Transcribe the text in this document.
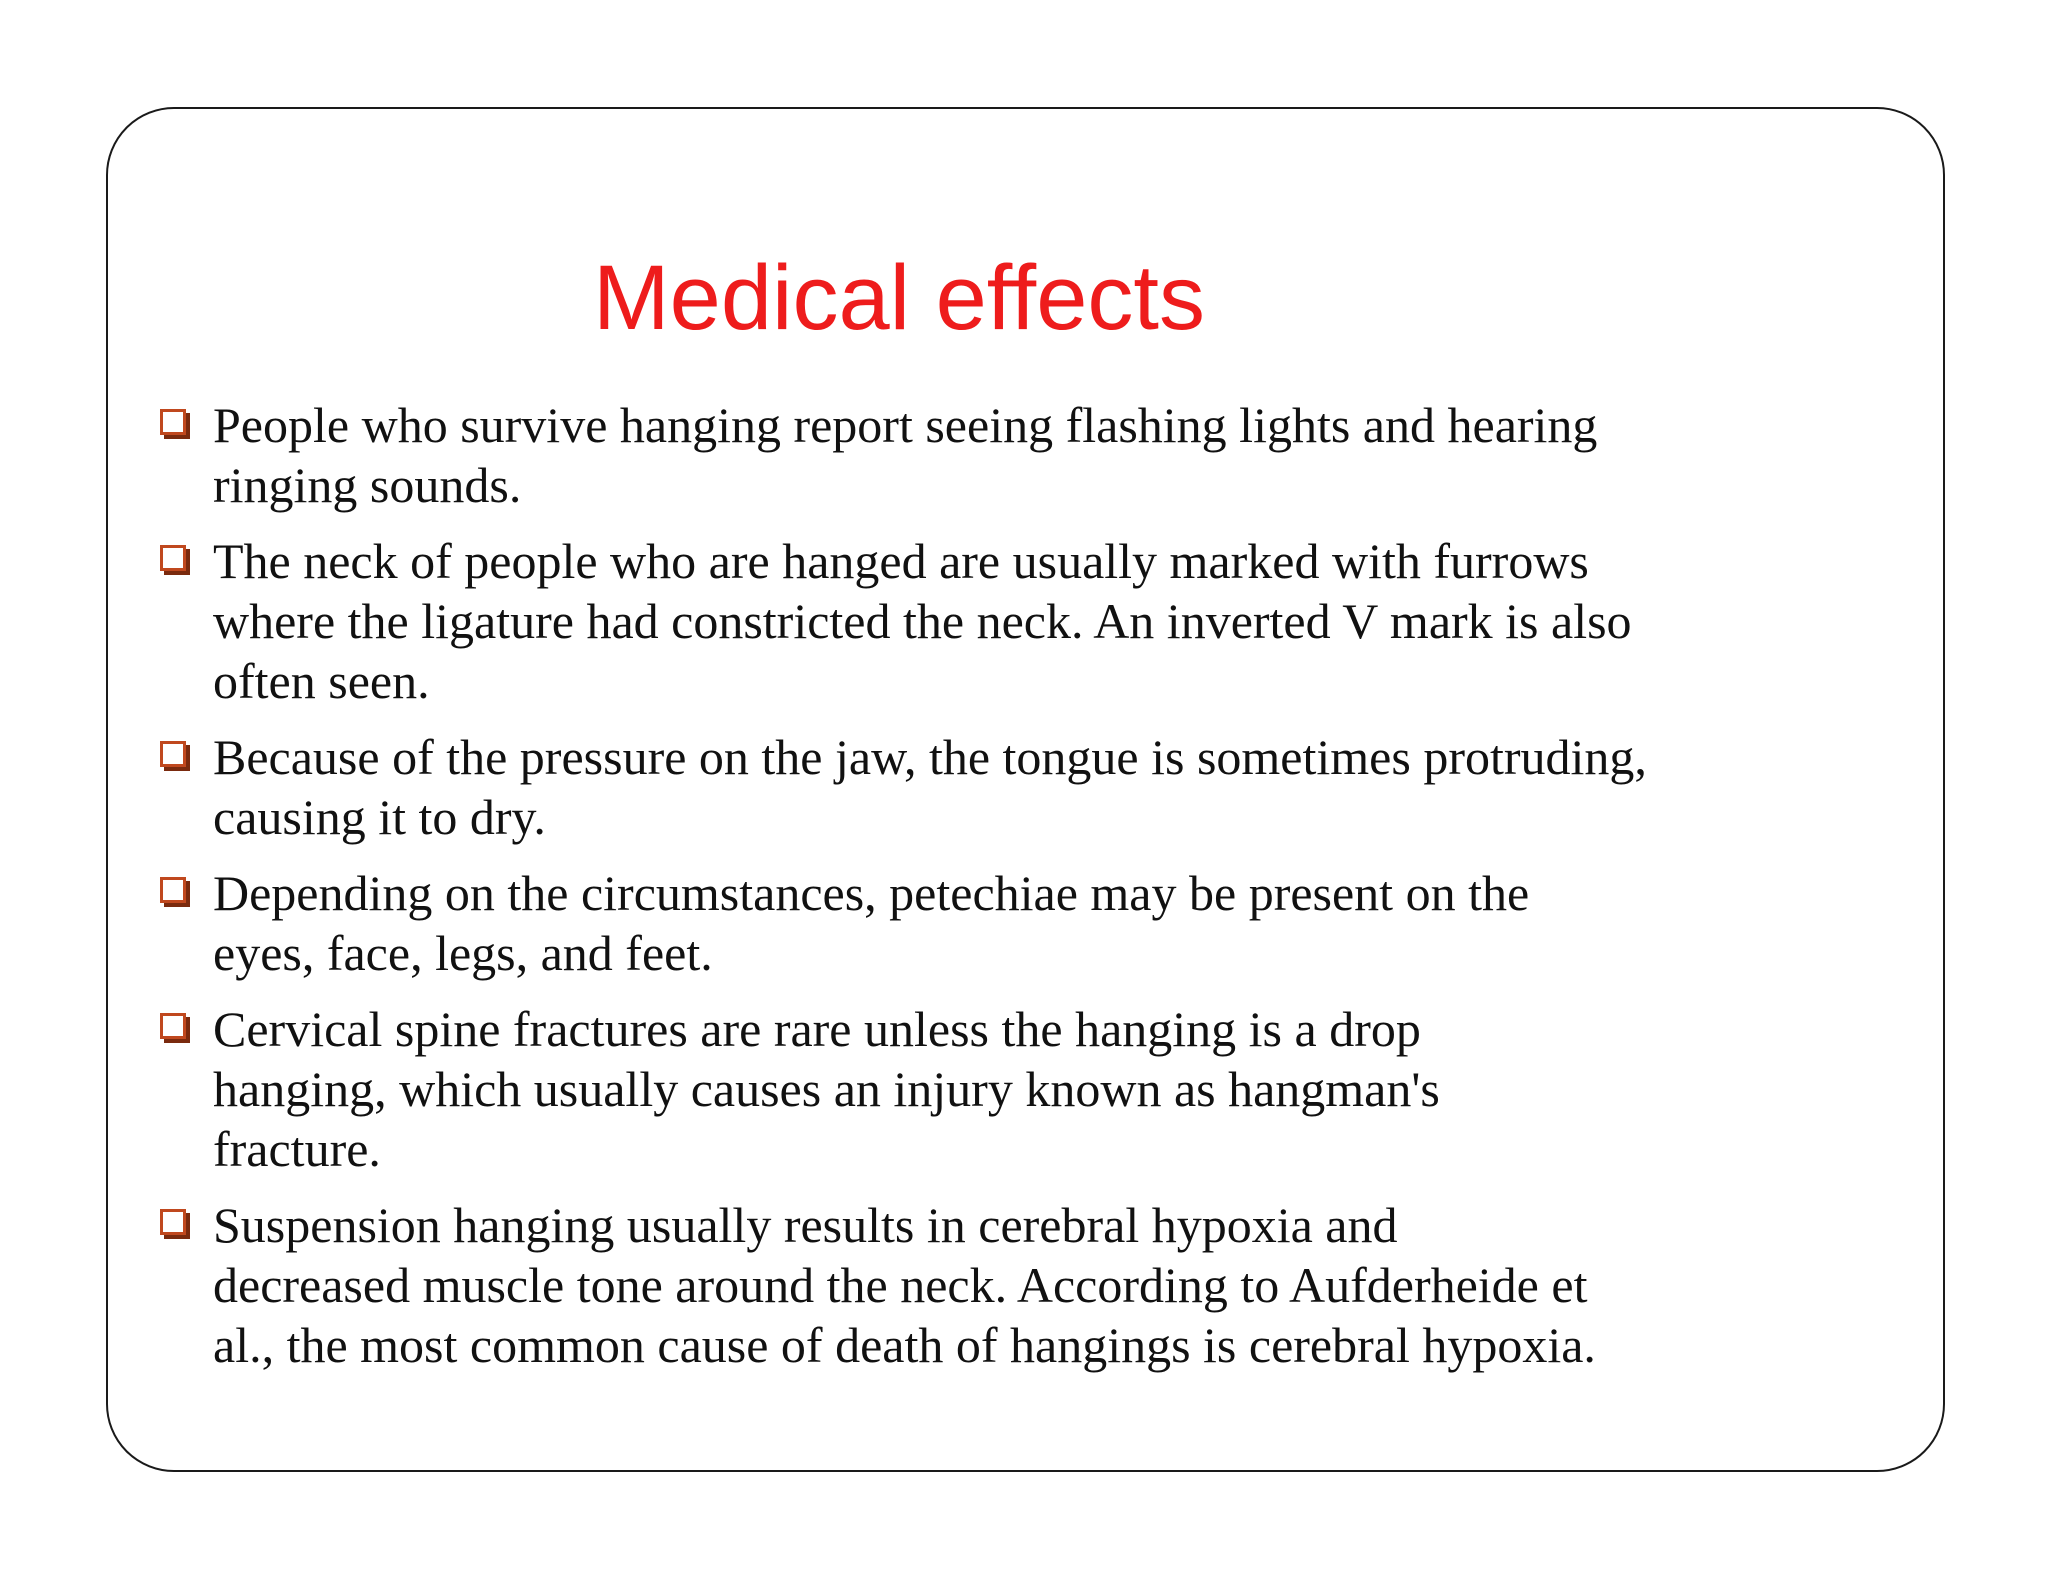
Medical effects
People who survive hanging report seeing flashing lights and hearing
ringing sounds.
The neck of people who are hanged are usually marked with furrows
where the ligature had constricted the neck. An inverted V mark is also
often seen.
Because of the pressure on the jaw, the tongue is sometimes protruding,
causing it to dry.
Depending on the circumstances, petechiae may be present on the
eyes, face, legs, and feet.
Cervical spine fractures are rare unless the hanging is a drop
hanging, which usually causes an injury known as hangman's
fracture.
Suspension hanging usually results in cerebral hypoxia and
decreased muscle tone around the neck. According to Aufderheide et
al., the most common cause of death of hangings is cerebral hypoxia.
